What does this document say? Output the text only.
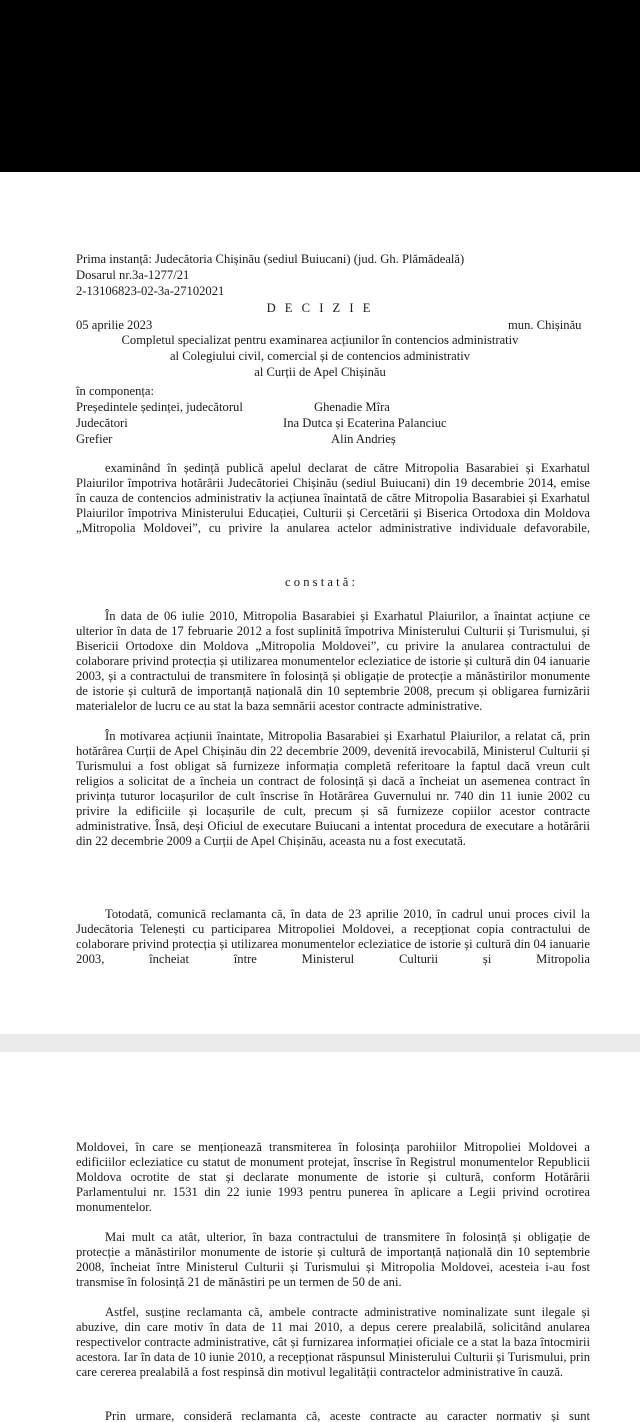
Prima instanță: Judecătoria Chișinău (sediul Buiucani) (jud. Gh. Plămădeală)
Dosarul nr.3a-1277/21
2-13106823-02-3a-27102021
D E C I Z I E
05 aprilie 2023	mun. Chișinău
Completul specializat pentru examinarea acțiunilor în contencios administrativ
al Colegiului civil, comercial și de contencios administrativ
al Curții de Apel Chișinău
în componența:
Președintele ședinței, judecătorul	Ghenadie Mîra
Judecători	Ina Dutca și Ecaterina Palanciuc
Grefier	Alin Andrieș
examinând în ședință publică apelul declarat de către Mitropolia Basarabiei și Exarhatul Plaiurilor împotriva hotărârii Judecătoriei Chișinău (sediul Buiucani) din 19 decembrie 2014, emise în cauza de contencios administrativ la acțiunea înaintată de către Mitropolia Basarabiei și Exarhatul Plaiurilor împotriva Ministerului Educației, Culturii și Cercetării și Biserica Ortodoxa din Moldova „Mitropolia Moldovei”, cu privire la anularea actelor administrative individuale defavorabile,
c o n s t a t ă :
În data de 06 iulie 2010, Mitropolia Basarabiei și Exarhatul Plaiurilor, a înaintat acțiune ce ulterior în data de 17 februarie 2012 a fost suplinită împotriva Ministerului Culturii și Turismului, și Bisericii Ortodoxe din Moldova „Mitropolia Moldovei”, cu privire la anularea contractului de colaborare privind protecția și utilizarea monumentelor ecleziatice de istorie și cultură din 04 ianuarie 2003, și a contractului de transmitere în folosință și obligație de protecție a mănăstirilor monumente de istorie și cultură de importanță națională din 10 septembrie 2008, precum și obligarea furnizării materialelor de lucru ce au stat la baza semnării acestor contracte administrative.
În motivarea acțiunii înaintate, Mitropolia Basarabiei și Exarhatul Plaiurilor, a relatat că, prin hotărârea Curții de Apel Chișinău din 22 decembrie 2009, devenită irevocabilă, Ministerul Culturii și Turismului a fost obligat să furnizeze informația completă referitoare la faptul dacă vreun cult religios a solicitat de a încheia un contract de folosință și dacă a încheiat un asemenea contract în privința tuturor locașurilor de cult înscrise în Hotărârea Guvernului nr. 740 din 11 iunie 2002 cu privire la edificiile și locașurile de cult, precum și să furnizeze copiilor acestor contracte administrative. Însă, deși Oficiul de executare Buiucani a intentat procedura de executare a hotărârii din 22 decembrie 2009 a Curții de Apel Chișinău, aceasta nu a fost executată.
Totodată, comunică reclamanta că, în data de 23 aprilie 2010, în cadrul unui proces civil la Judecătoria Telenești cu participarea Mitropoliei Moldovei, a recepționat copia contractului de colaborare privind protecția și utilizarea monumentelor ecleziatice de istorie și cultură din 04 ianuarie 2003, încheiat între Ministerul Culturii și Mitropolia
Moldovei, în care se menționează transmiterea în folosința parohiilor Mitropoliei Moldovei a edificiilor ecleziatice cu statut de monument protejat, înscrise în Registrul monumentelor Republicii Moldova ocrotite de stat și declarate monumente de istorie și cultură, conform Hotărârii Parlamentului nr. 1531 din 22 iunie 1993 pentru punerea în aplicare a Legii privind ocrotirea monumentelor.
Mai mult ca atât, ulterior, în baza contractului de transmitere în folosință și obligație de protecție a mănăstirilor monumente de istorie și cultură de importanță națională din 10 septembrie 2008, încheiat între Ministerul Culturii și Turismului și Mitropolia Moldovei, acesteia i-au fost transmise în folosință 21 de mănăstiri pe un termen de 50 de ani.
Astfel, susține reclamanta că, ambele contracte administrative nominalizate sunt ilegale și abuzive, din care motiv în data de 11 mai 2010, a depus cerere prealabilă, solicitând anularea respectivelor contracte administrative, cât și furnizarea informației oficiale ce a stat la baza întocmirii acestora. Iar în data de 10 iunie 2010, a recepționat răspunsul Ministerului Culturii și Turismului, prin care cererea prealabilă a fost respinsă din motivul legalității contractelor administrative în cauză.
Prin urmare, consideră reclamanta că, aceste contracte au caracter normativ și sunt
